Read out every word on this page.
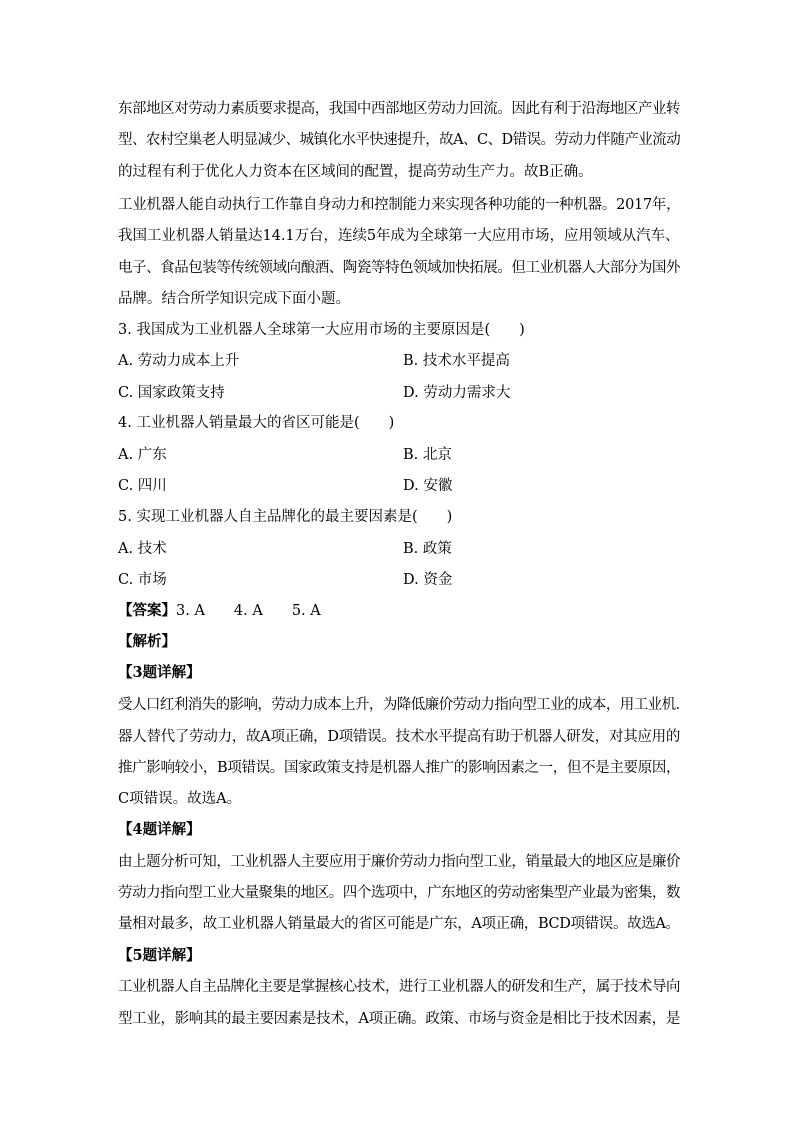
东部地区对劳动力素质要求提高，我国中西部地区劳动力回流。因此有利于沿海地区产业转
型、农村空巢老人明显减少、城镇化水平快速提升，故A、C、D错误。劳动力伴随产业流动
的过程有利于优化人力资本在区域间的配置，提高劳动生产力。故B正确。
工业机器人能自动执行工作靠自身动力和控制能力来实现各种功能的一种机器。2017年，
我国工业机器人销量达14.1万台，连续5年成为全球第一大应用市场，应用领域从汽车、
电子、食品包装等传统领域向酿酒、陶瓷等特色领域加快拓展。但工业机器人大部分为国外
品牌。结合所学知识完成下面小题。
3. 我国成为工业机器人全球第一大应用市场的主要原因是(　　)
A. 劳动力成本上升	B. 技术水平提高
C. 国家政策支持	D. 劳动力需求大
4. 工业机器人销量最大的省区可能是(　　)
A. 广东	B. 北京
C. 四川	D. 安徽
5. 实现工业机器人自主品牌化的最主要因素是(　　)
A. 技术	B. 政策
C. 市场	D. 资金
【答案】3. A　　4. A　　5. A
【解析】
【3题详解】
受人口红利消失的影响，劳动力成本上升，为降低廉价劳动力指向型工业的成本，用工业机.
器人替代了劳动力，故A项正确，D项错误。技术水平提高有助于机器人研发，对其应用的
推广影响较小，B项错误。国家政策支持是机器人推广的影响因素之一，但不是主要原因，
C项错误。故选A。
【4题详解】
由上题分析可知，工业机器人主要应用于廉价劳动力指向型工业，销量最大的地区应是廉价
劳动力指向型工业大量聚集的地区。四个选项中，广东地区的劳动密集型产业最为密集，数
量相对最多，故工业机器人销量最大的省区可能是广东，A项正确，BCD项错误。故选A。
【5题详解】
工业机器人自主品牌化主要是掌握核心技术，进行工业机器人的研发和生产，属于技术导向
型工业，影响其的最主要因素是技术，A项正确。政策、市场与资金是相比于技术因素，是
